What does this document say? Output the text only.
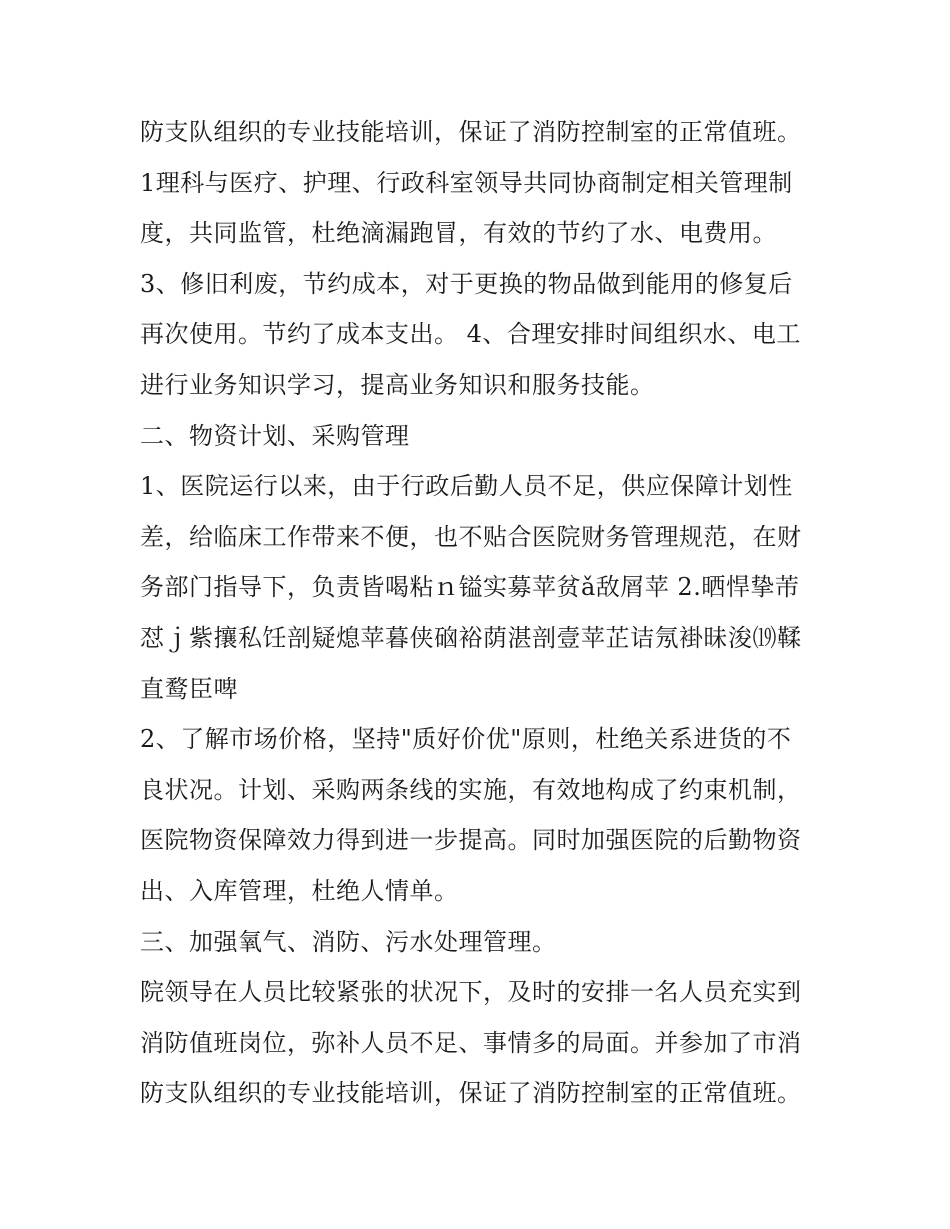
防支队组织的专业技能培训，保证了消防控制室的正常值班。
1理科与医疗、护理、行政科室领导共同协商制定相关管理制
度，共同监管，杜绝滴漏跑冒，有效的节约了水、电费用。
3、修旧利废，节约成本，对于更换的物品做到能用的修复后
再次使用。节约了成本支出。 4、合理安排时间组织水、电工
进行业务知识学习，提高业务知识和服务技能。
二、物资计划、采购管理
1、医院运行以来，由于行政后勤人员不足，供应保障计划性
差，给临床工作带来不便，也不贴合医院财务管理规范，在财
务部门指导下，负责皆喝粘ｎ镒实募苹贫ǎ敌屑苹 2.晒悍挚芾
怼ｊ紫攘私饪剖疑熄苹暮侠硇裕荫湛剖壹苹芷诘氖褂昧浚⒆鞣
直鹜臣啤
2、了解市场价格，坚持"质好价优"原则，杜绝关系进货的不
良状况。计划、采购两条线的实施，有效地构成了约束机制，
医院物资保障效力得到进一步提高。同时加强医院的后勤物资
出、入库管理，杜绝人情单。
三、加强氧气、消防、污水处理管理。
院领导在人员比较紧张的状况下，及时的安排一名人员充实到
消防值班岗位，弥补人员不足、事情多的局面。并参加了市消
防支队组织的专业技能培训，保证了消防控制室的正常值班。
